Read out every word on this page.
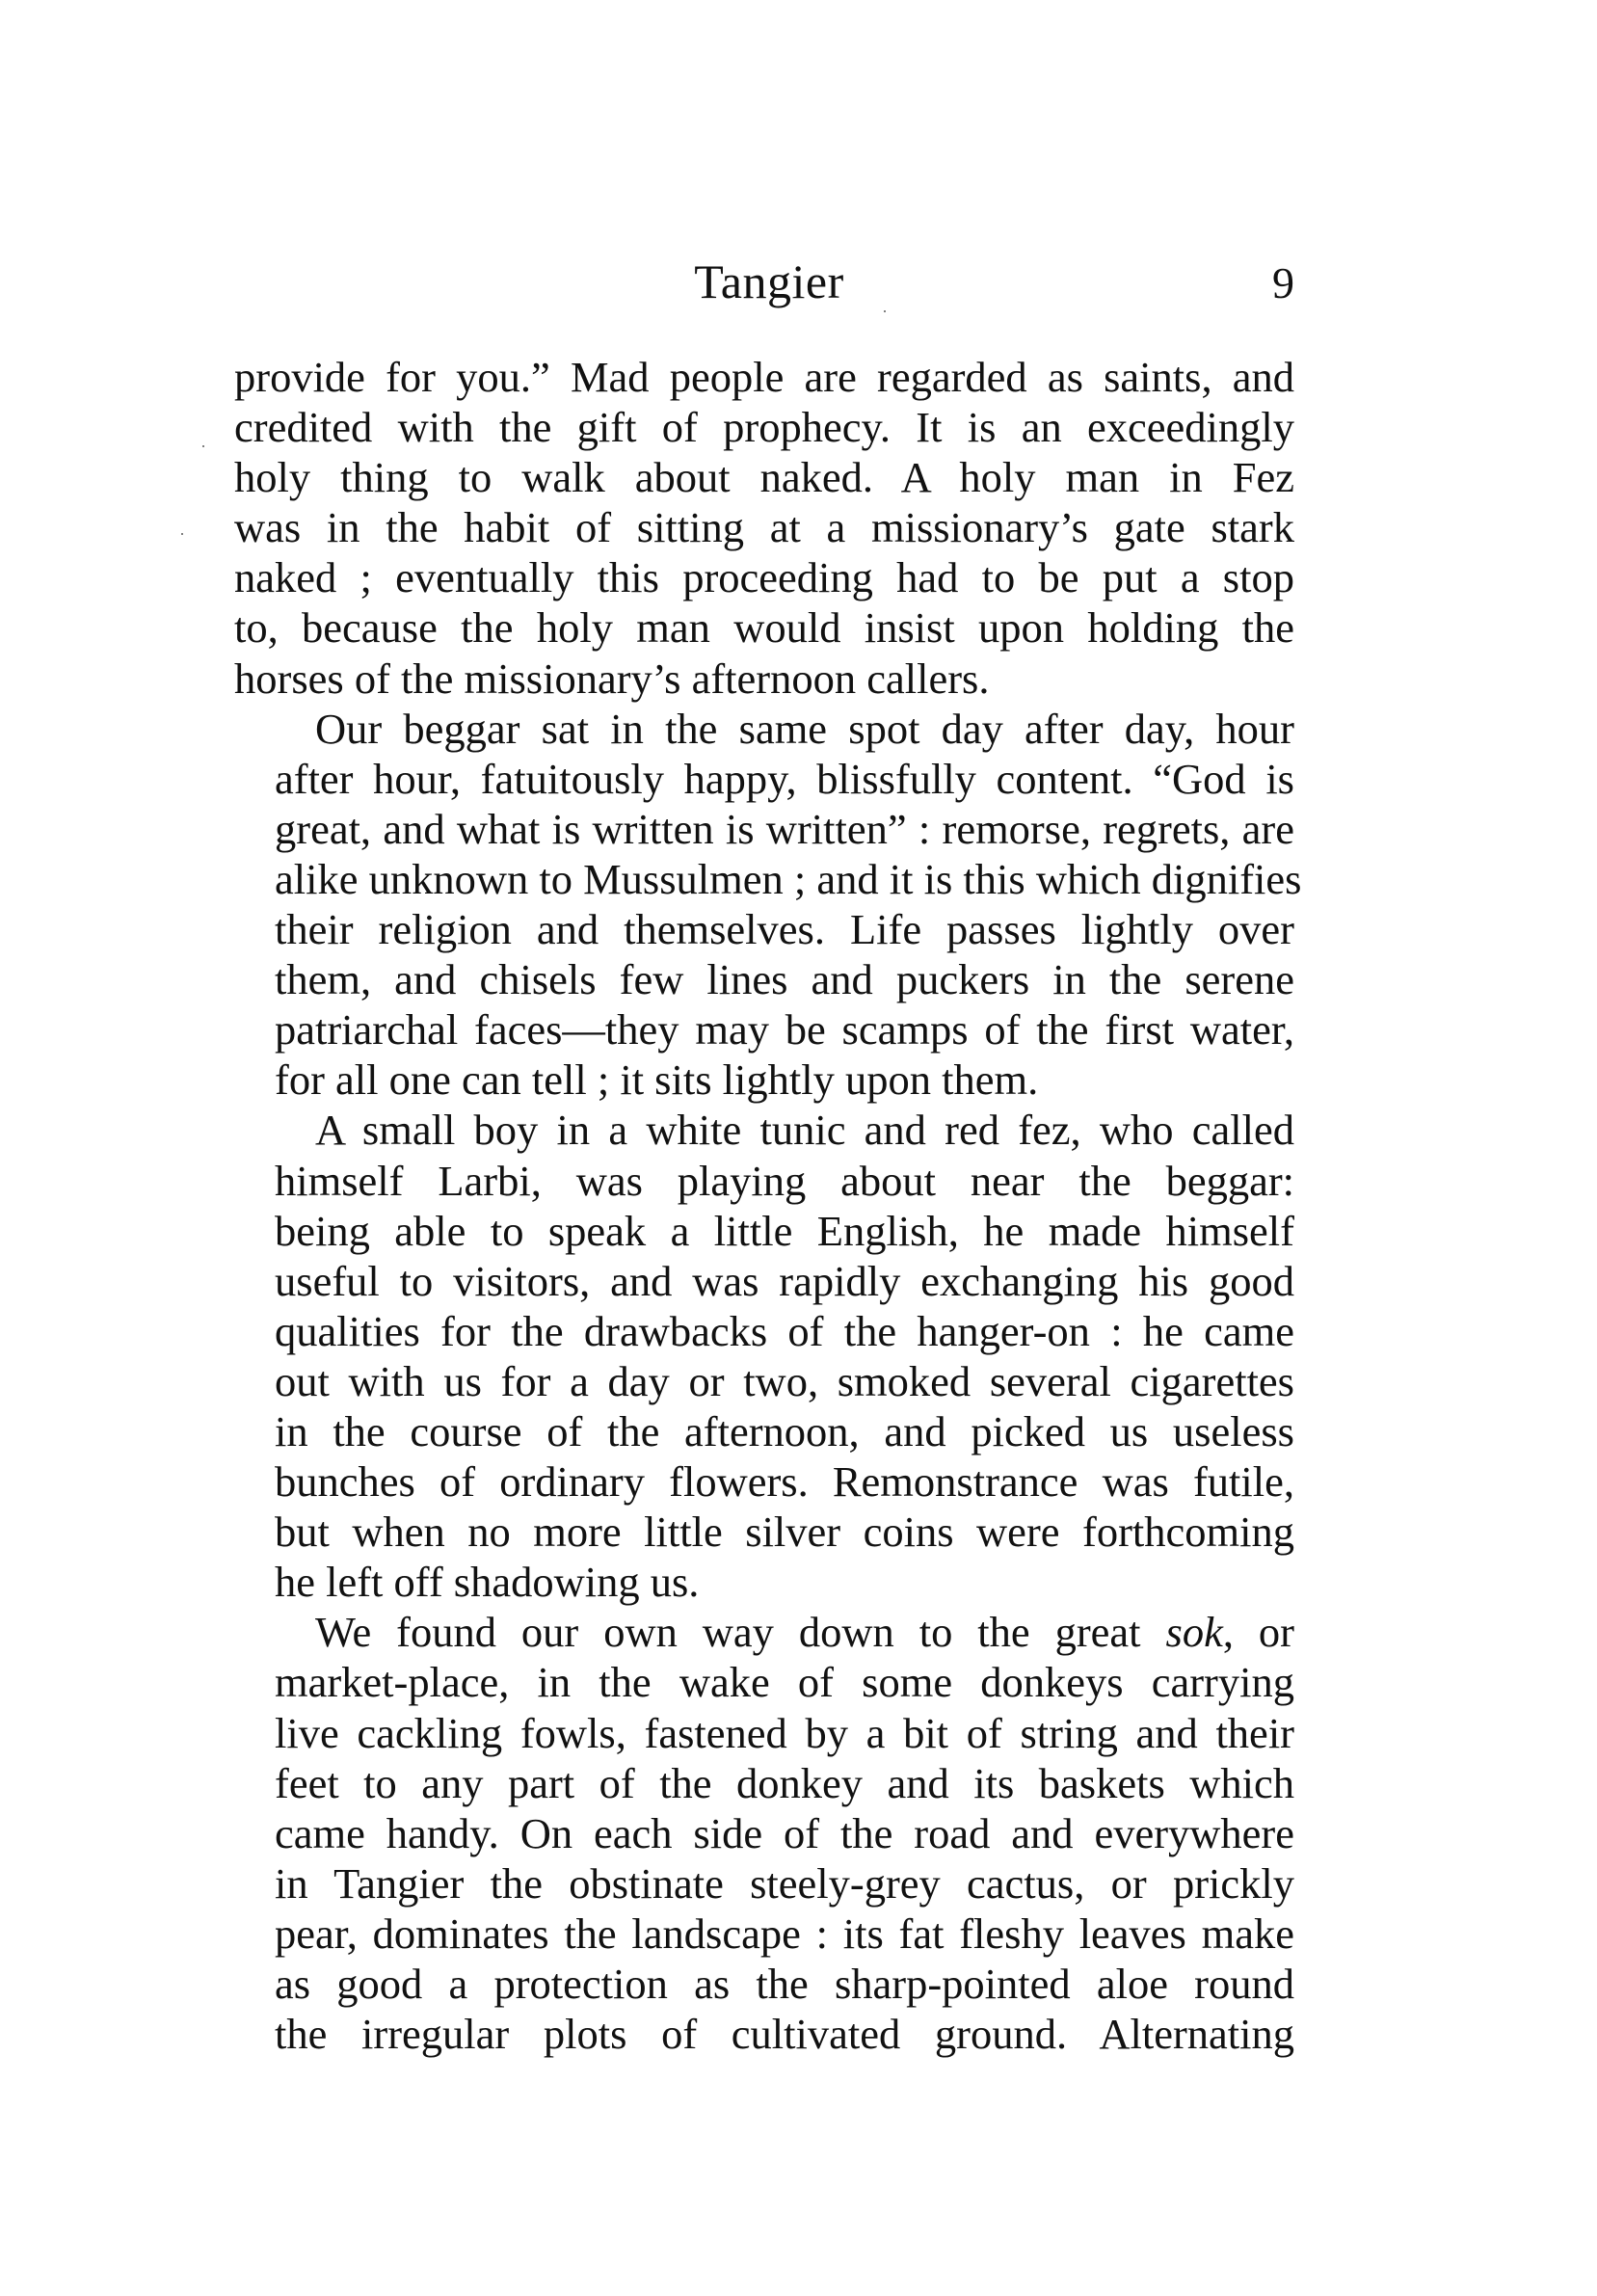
Tangier	9
provide for you.” Mad people are regarded as saints, and
credited with the gift of prophecy. It is an exceedingly
holy thing to walk about naked. A holy man in Fez
was in the habit of sitting at a missionary’s gate stark
naked ; eventually this proceeding had to be put a stop
to, because the holy man would insist upon holding the
horses of the missionary’s afternoon callers.
Our beggar sat in the same spot day after day, hour
after hour, fatuitously happy, blissfully content. “God is
great, and what is written is written” : remorse, regrets, are
alike unknown to Mussulmen ; and it is this which dignifies
their religion and themselves. Life passes lightly over
them, and chisels few lines and puckers in the serene
patriarchal faces—they may be scamps of the first water,
for all one can tell ; it sits lightly upon them.
A small boy in a white tunic and red fez, who called
himself Larbi, was playing about near the beggar:
being able to speak a little English, he made himself
useful to visitors, and was rapidly exchanging his good
qualities for the drawbacks of the hanger-on : he came
out with us for a day or two, smoked several cigarettes
in the course of the afternoon, and picked us useless
bunches of ordinary flowers. Remonstrance was futile,
but when no more little silver coins were forthcoming
he left off shadowing us.
We found our own way down to the great sok, or
market-place, in the wake of some donkeys carrying
live cackling fowls, fastened by a bit of string and their
feet to any part of the donkey and its baskets which
came handy. On each side of the road and everywhere
in Tangier the obstinate steely-grey cactus, or prickly
pear, dominates the landscape : its fat fleshy leaves make
as good a protection as the sharp-pointed aloe round
the irregular plots of cultivated ground. Alternating
